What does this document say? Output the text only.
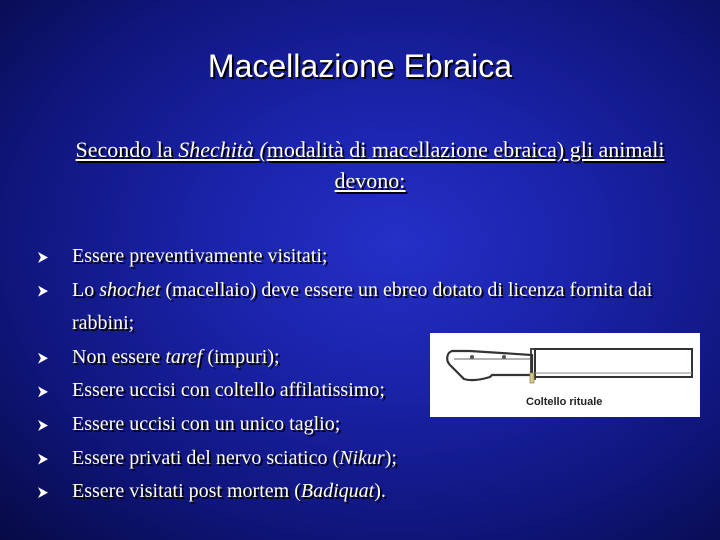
Macellazione Ebraica
Secondo la Shechità (modalità di macellazione ebraica) gli animali devono:
Essere preventivamente visitati;
Lo shochet (macellaio) deve essere un ebreo dotato di licenza fornita dai rabbini;
Non essere taref (impuri);
Essere uccisi con coltello affilatissimo;
Essere uccisi con un unico taglio;
Essere privati del nervo sciatico (Nikur);
Essere visitati post mortem (Badiquat).
Coltello rituale
